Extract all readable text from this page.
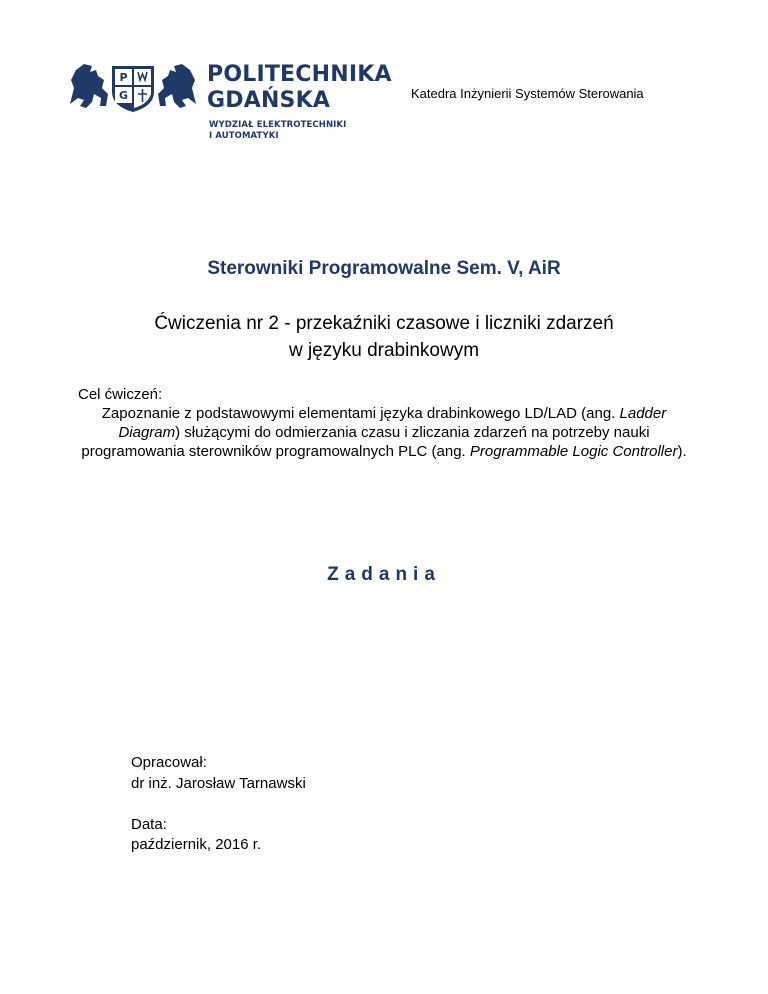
P
G
POLITECHNIKA
GDAŃSKA
WYDZIAŁ ELEKTROTECHNIKI
I AUTOMATYKI
Katedra Inżynierii Systemów Sterowania
Sterowniki Programowalne Sem. V, AiR
Ćwiczenia nr 2 - przekaźniki czasowe i liczniki zdarzeń
w języku drabinkowym
Cel ćwiczeń:
Zapoznanie z podstawowymi elementami języka drabinkowego LD/LAD (ang. Ladder Diagram) służącymi do odmierzania czasu i zliczania zdarzeń na potrzeby nauki programowania sterowników programowalnych PLC (ang. Programmable Logic Controller).
Zadania
Opracował:
dr inż. Jarosław Tarnawski
Data:
październik, 2016 r.
